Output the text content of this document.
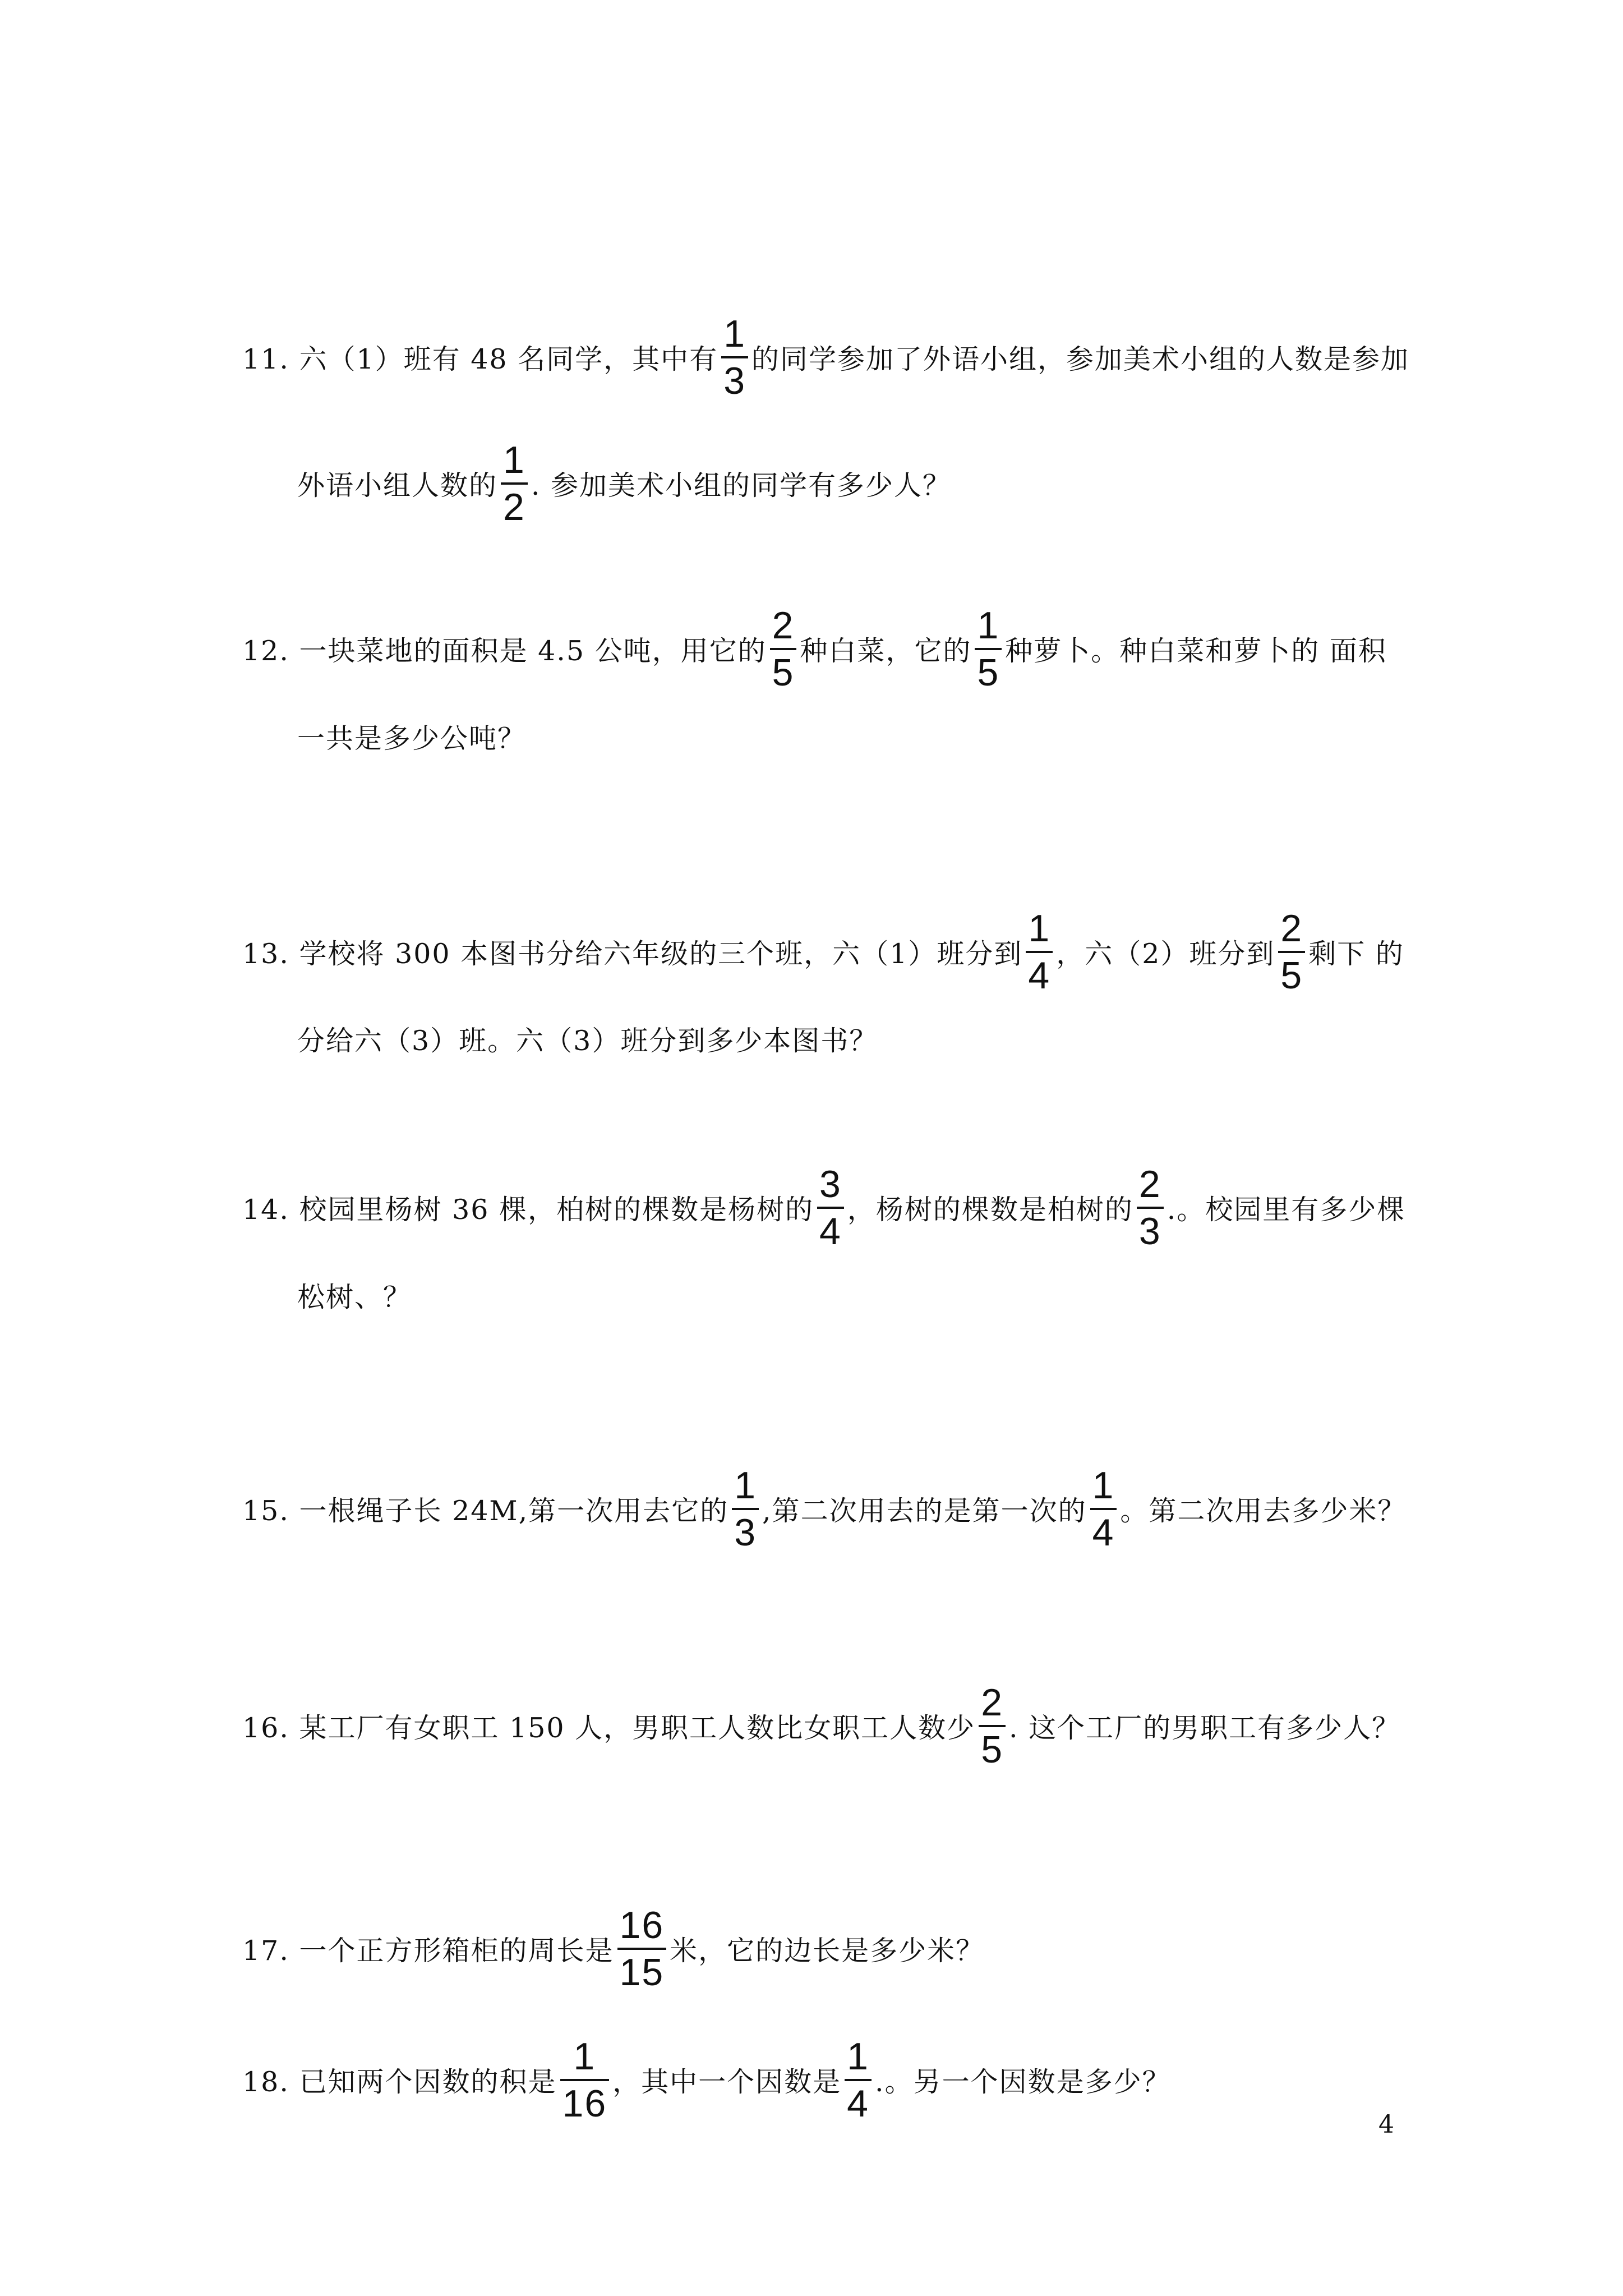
11. 六（1）班有 48 名同学，其中有 $\frac{1}{3}$ 的同学参加了外语小组，参加美术小组的人数是参加
外语小组人数的 $\frac{1}{2}$ . 参加美术小组的同学有多少人？
12. 一块菜地的面积是 4.5 公吨，用它的 $\frac{2}{5}$ 种白菜，它的 $\frac{1}{5}$ 种萝卜。种白菜和萝卜的 面积
一共是多少公吨？
13. 学校将 300 本图书分给六年级的三个班，六（1）班分到 $\frac{1}{4}$ ，六（2）班分到 $\frac{2}{5}$ 剩下 的
分给六（3）班。六（3）班分到多少本图书？
14. 校园里杨树 36 棵，柏树的棵数是杨树的 $\frac{3}{4}$ ，杨树的棵数是柏树的 $\frac{2}{3}$ .。校园里有多少棵
松树、？
15. 一根绳子长 24M,第一次用去它的 $\frac{1}{3}$ ,第二次用去的是第一次的 $\frac{1}{4}$ 。第二次用去多少米？
16. 某工厂有女职工 150 人，男职工人数比女职工人数少 $\frac{2}{5}$ . 这个工厂的男职工有多少人？
17. 一个正方形箱柜的周长是 $\frac{16}{15}$ 米，它的边长是多少米？
18. 已知两个因数的积是 $\frac{1}{16}$ ，其中一个因数是 $\frac{1}{4}$ .。另一个因数是多少？
4
